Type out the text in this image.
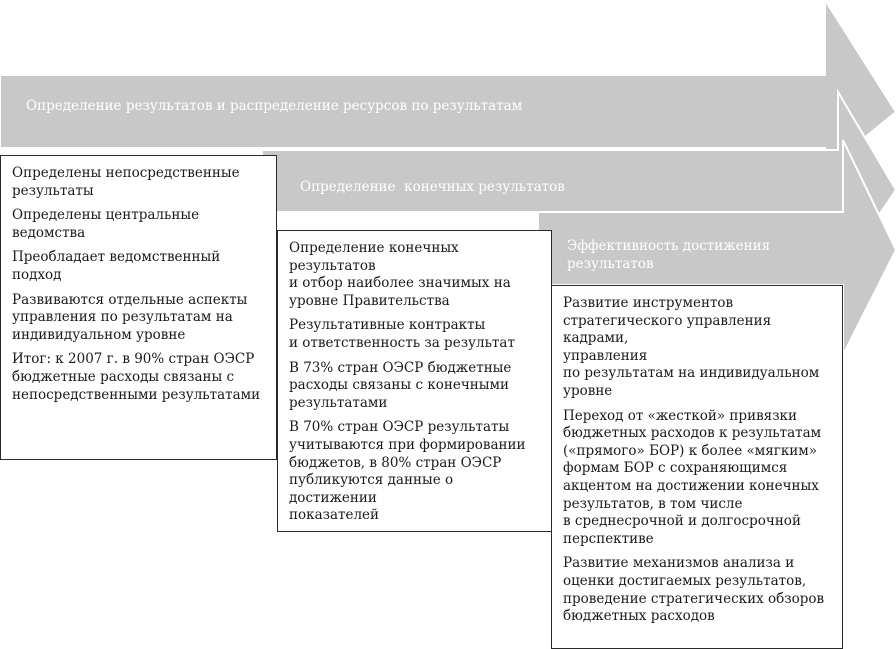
Определение результатов и распределение ресурсов по результатам
Определение  конечных результатов
Эффективность достижения
результатов

Определены непосредственные
результаты

Определены центральные
ведомства

Преобладает ведомственный
подход

Развиваются отдельные аспекты
управления по результатам на
индивидуальном уровне

Итог: к 2007 г. в 90% стран ОЭСР
бюджетные расходы связаны с
непосредственными результатами

Определение конечных результатов
и отбор наиболее значимых на
уровне Правительства

Результативные контракты
и ответственность за результат

В 73% стран ОЭСР бюджетные
расходы связаны с конечными
результатами

В 70% стран ОЭСР результаты
учитываются при формировании
бюджетов, в 80% стран ОЭСР
публикуются данные о достижении
показателей

Развитие инструментов
стратегического управления кадрами,
управления
по результатам на индивидуальном
уровне

Переход от «жесткой» привязки
бюджетных расходов к результатам
(«прямого» БОР) к более «мягким»
формам БОР с сохраняющимся
акцентом на достижении конечных
результатов, в том числе
в среднесрочной и долгосрочной
перспективе

Развитие механизмов анализа и
оценки достигаемых результатов,
проведение стратегических обзоров
бюджетных расходов
